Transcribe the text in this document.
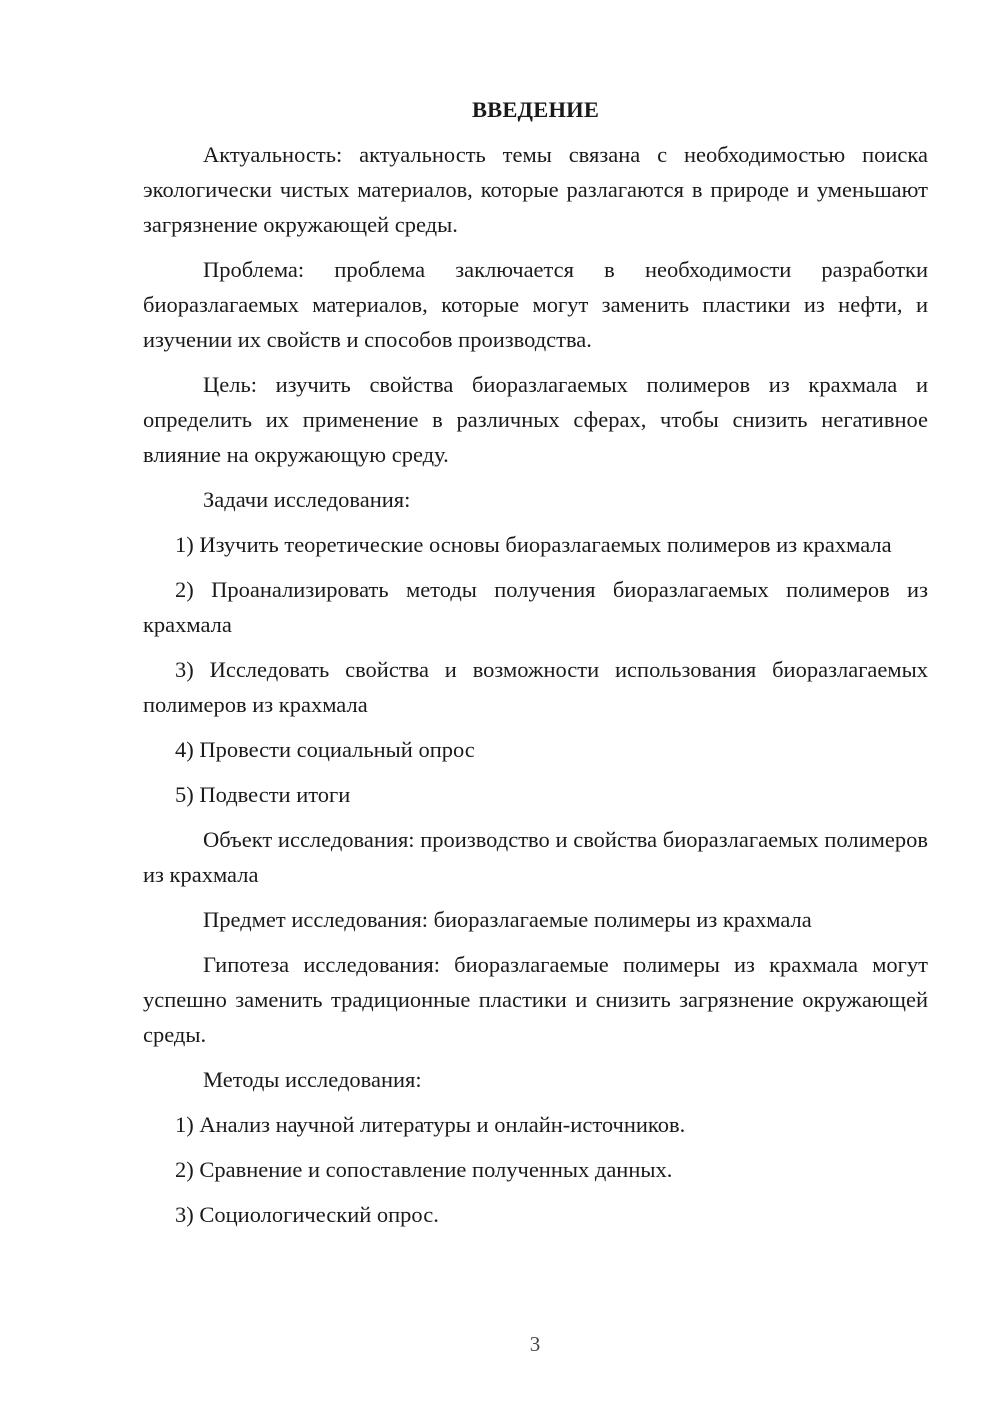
ВВЕДЕНИЕ
Актуальность: актуальность темы связана с необходимостью поиска экологически чистых материалов, которые разлагаются в природе и уменьшают загрязнение окружающей среды.
Проблема: проблема заключается в необходимости разработки биоразлагаемых материалов, которые могут заменить пластики из нефти, и изучении их свойств и способов производства.
Цель: изучить свойства биоразлагаемых полимеров из крахмала и определить их применение в различных сферах, чтобы снизить негативное влияние на окружающую среду.
Задачи исследования:
1) Изучить теоретические основы биоразлагаемых полимеров из крахмала
2) Проанализировать методы получения биоразлагаемых полимеров из крахмала
3) Исследовать свойства и возможности использования биоразлагаемых полимеров из крахмала
4) Провести социальный опрос
5) Подвести итоги
Объект исследования: производство и свойства биоразлагаемых полимеров из крахмала
Предмет исследования: биоразлагаемые полимеры из крахмала
Гипотеза исследования: биоразлагаемые полимеры из крахмала могут успешно заменить традиционные пластики и снизить загрязнение окружающей среды.
Методы исследования:
1) Анализ научной литературы и онлайн-источников.
2) Сравнение и сопоставление полученных данных.
3) Социологический опрос.
3
